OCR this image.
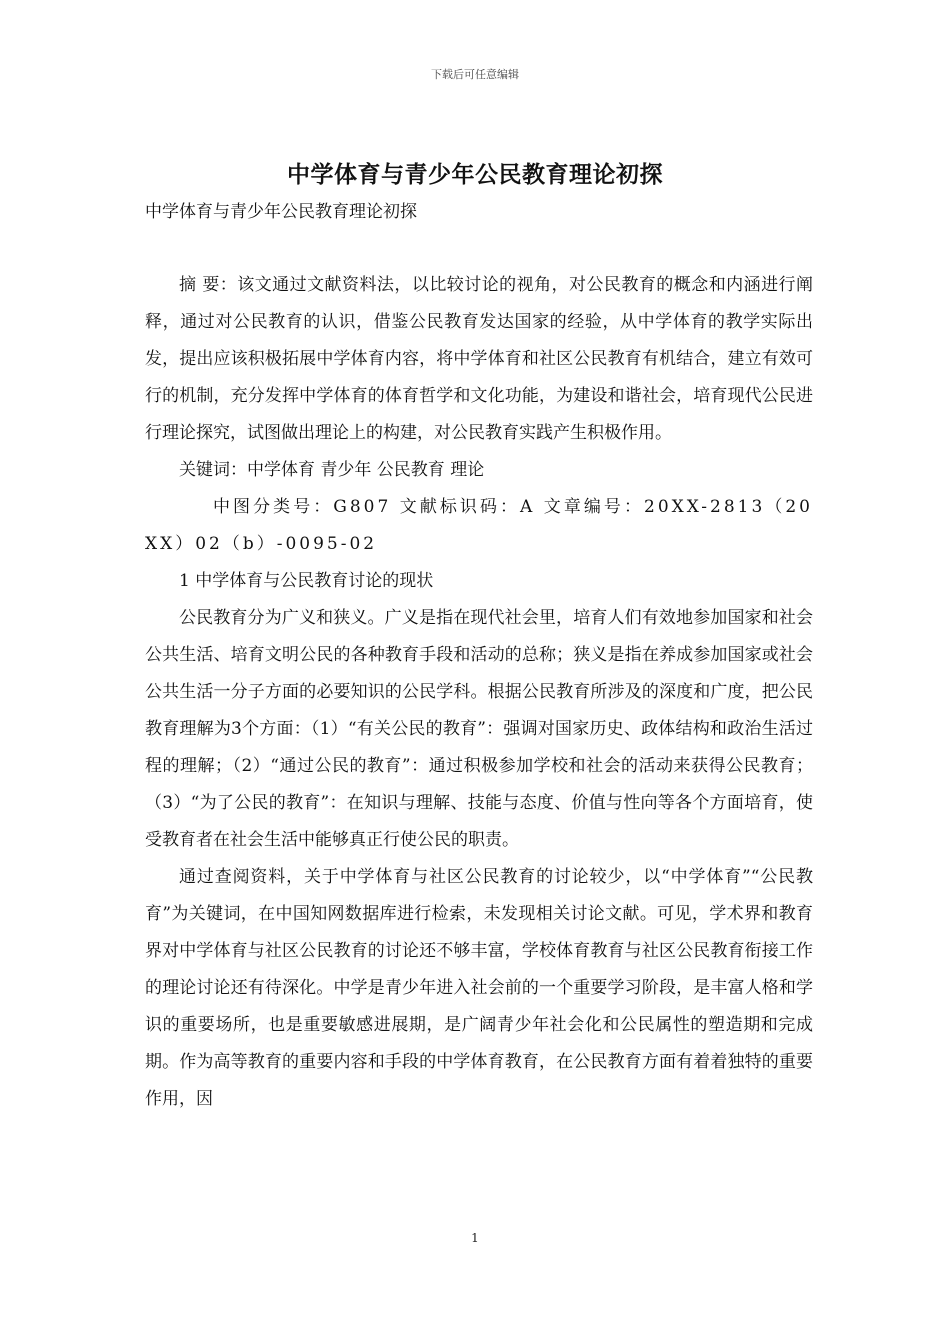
下载后可任意编辑
中学体育与青少年公民教育理论初探

中学体育与青少年公民教育理论初探

摘 要：该文通过文献资料法，以比较讨论的视角，对公民教育的概念和内涵进行阐释，通过对公民教育的认识，借鉴公民教育发达国家的经验，从中学体育的教学实际出发，提出应该积极拓展中学体育内容，将中学体育和社区公民教育有机结合，建立有效可行的机制，充分发挥中学体育的体育哲学和文化功能，为建设和谐社会，培育现代公民进行理论探究，试图做出理论上的构建，对公民教育实践产生积极作用。

关键词：中学体育 青少年 公民教育 理论

中图分类号：G807 文献标识码：A 文章编号：20XX-2813（20XX）02（b）-0095-02

1 中学体育与公民教育讨论的现状

公民教育分为广义和狭义。广义是指在现代社会里，培育人们有效地参加国家和社会公共生活、培育文明公民的各种教育手段和活动的总称；狭义是指在养成参加国家或社会公共生活一分子方面的必要知识的公民学科。根据公民教育所涉及的深度和广度，把公民教育理解为3个方面：（1）“有关公民的教育”：强调对国家历史、政体结构和政治生活过程的理解；（2）“通过公民的教育”：通过积极参加学校和社会的活动来获得公民教育；（3）“为了公民的教育”：在知识与理解、技能与态度、价值与性向等各个方面培育，使受教育者在社会生活中能够真正行使公民的职责。

通过查阅资料，关于中学体育与社区公民教育的讨论较少，以“中学体育”“公民教育”为关键词，在中国知网数据库进行检索，未发现相关讨论文献。可见，学术界和教育界对中学体育与社区公民教育的讨论还不够丰富，学校体育教育与社区公民教育衔接工作的理论讨论还有待深化。中学是青少年进入社会前的一个重要学习阶段，是丰富人格和学识的重要场所，也是重要敏感进展期，是广阔青少年社会化和公民属性的塑造期和完成期。作为高等教育的重要内容和手段的中学体育教育，在公民教育方面有着着独特的重要作用，因

1
